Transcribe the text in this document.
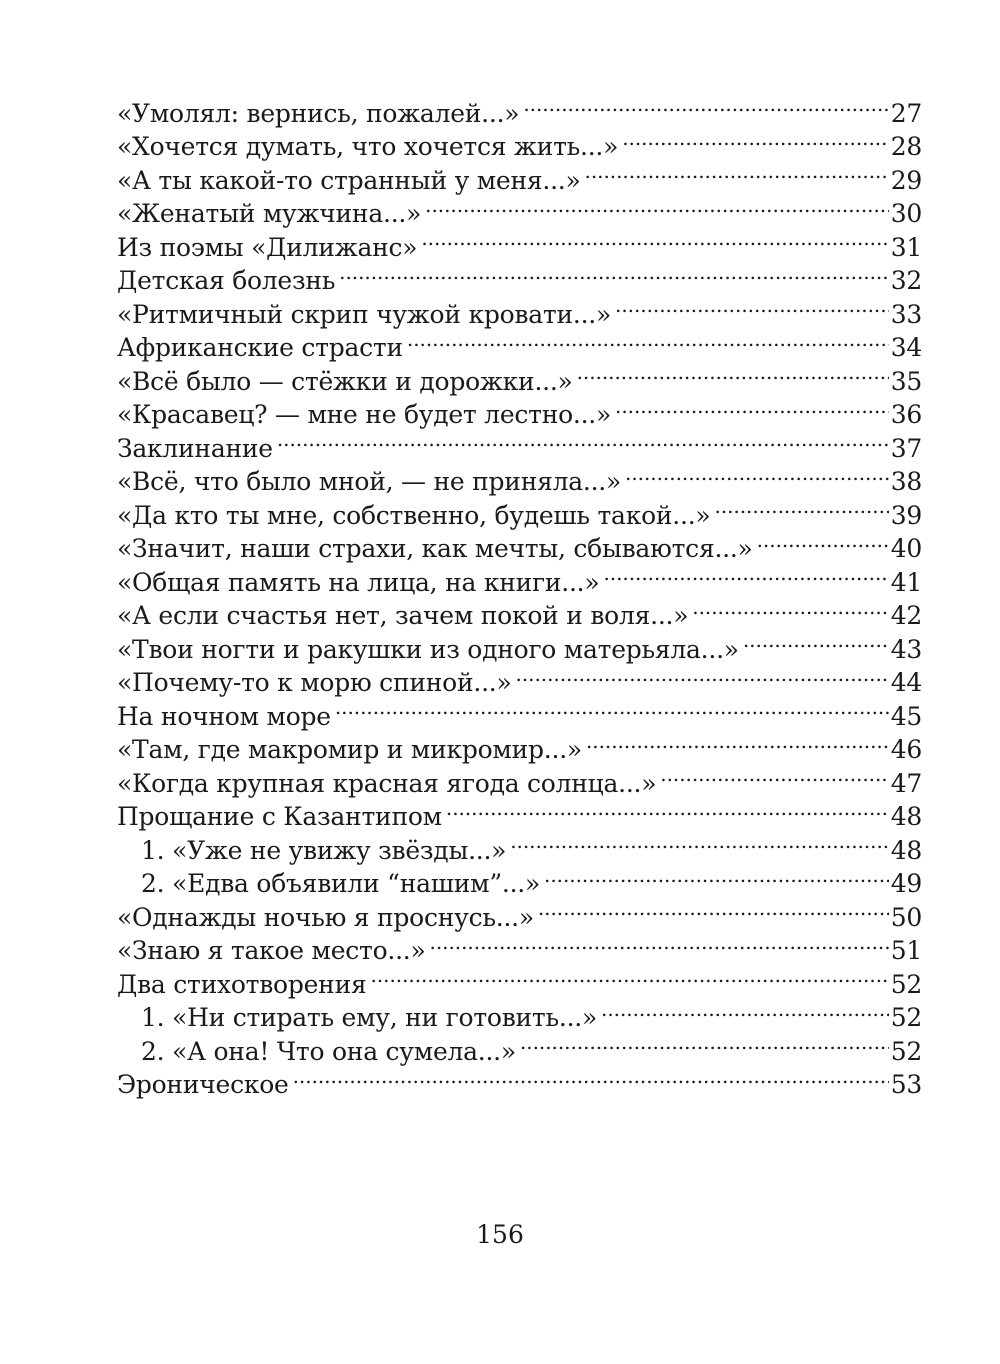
«Умолял: вернись, пожалей...» . . .	27
«Хочется думать, что хочется жить...» . . .	28
«А ты какой-то странный у меня...» . . .	29
«Женатый мужчина...» . . .	30
Из поэмы «Дилижанс» . . .	31
Детская болезнь . . .	32
«Ритмичный скрип чужой кровати...» . . .	33
Африканские страсти . . .	34
«Всё было — стёжки и дорожки...» . . .	35
«Красавец? — мне не будет лестно...» . . .	36
Заклинание . . .	37
«Всё, что было мной, — не приняла...» . . .	38
«Да кто ты мне, собственно, будешь такой...» . . .	39
«Значит, наши страхи, как мечты, сбываются...» . . .	40
«Общая память на лица, на книги...» . . .	41
«А если счастья нет, зачем покой и воля...» . . .	42
«Твои ногти и ракушки из одного матерьяла...» . . .	43
«Почему-то к морю спиной...» . . .	44
На ночном море . . .	45
«Там, где макромир и микромир...» . . .	46
«Когда крупная красная ягода солнца...» . . .	47
Прощание с Казантипом . . .	48
1. «Уже не увижу звёзды...» . . .	48
2. «Едва объявили “нашим”...» . . .	49
«Однажды ночью я проснусь...» . . .	50
«Знаю я такое место...» . . .	51
Два стихотворения . . .	52
1. «Ни стирать ему, ни готовить...» . . .	52
2. «А она! Что она сумела...» . . .	52
Эроническое . . .	53
156
